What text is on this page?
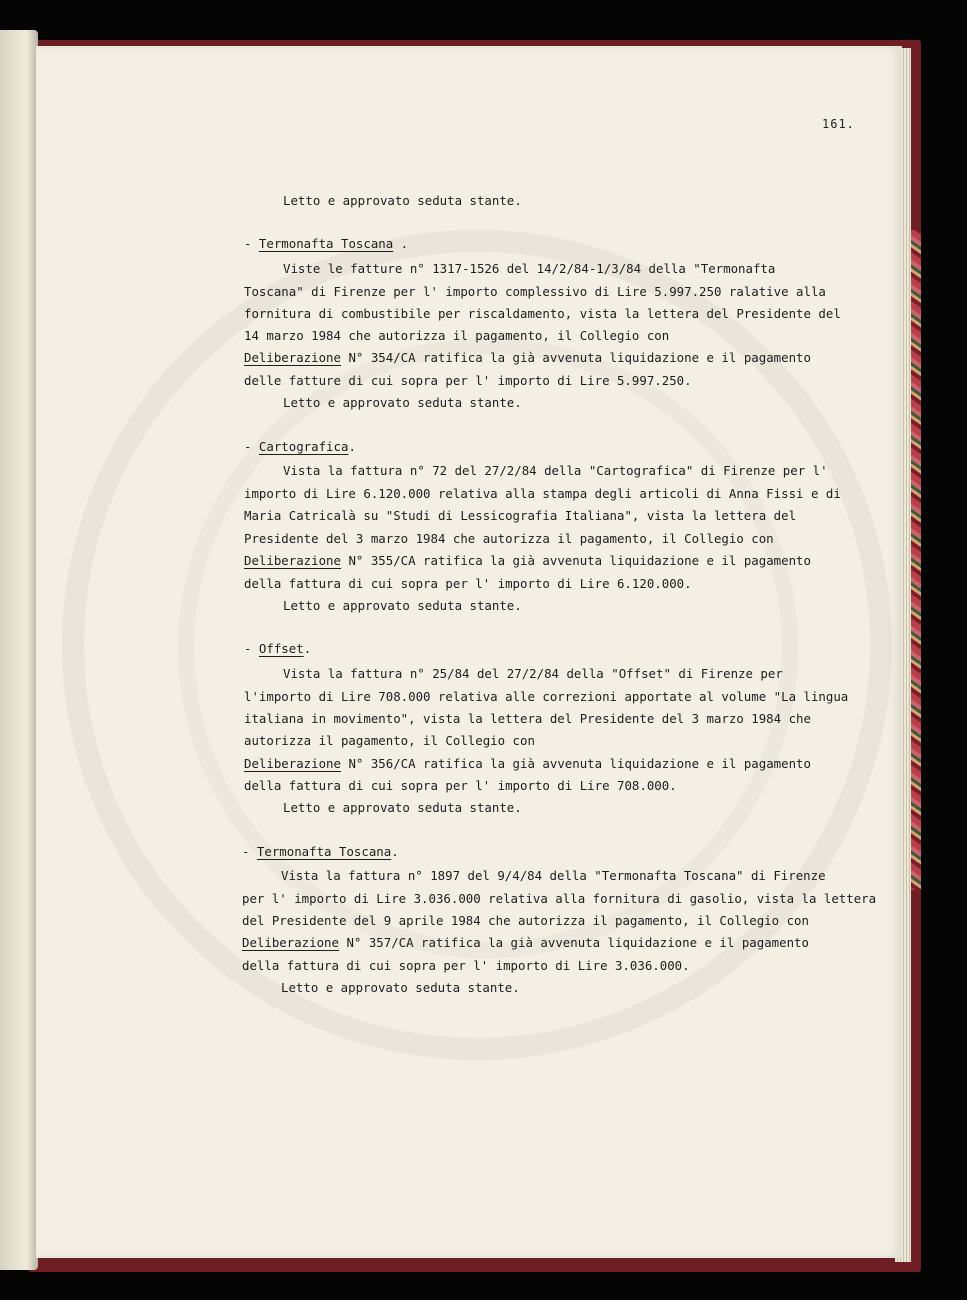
161.
Letto e approvato seduta stante.
- Termonafta Toscana .
Viste le fatture n° 1317-1526 del 14/2/84-1/3/84 della "Termonafta
Toscana" di Firenze per l' importo complessivo di Lire 5.997.250 ralative alla
fornitura di combustibile per riscaldamento, vista la lettera del Presidente del
14 marzo 1984 che autorizza il pagamento, il Collegio con
Deliberazione N° 354/CA ratifica la già avvenuta liquidazione e il pagamento
delle fatture di cui sopra per l' importo di Lire 5.997.250.
Letto e approvato seduta stante.
- Cartografica.
Vista la fattura n° 72 del 27/2/84 della "Cartografica" di Firenze per l'
importo di Lire 6.120.000 relativa alla stampa degli articoli di Anna Fissi e di
Maria Catricalà su "Studi di Lessicografia Italiana", vista la lettera del
Presidente del 3 marzo 1984 che autorizza il pagamento, il Collegio con
Deliberazione N° 355/CA ratifica la già avvenuta liquidazione e il pagamento
della fattura di cui sopra per l' importo di Lire 6.120.000.
Letto e approvato seduta stante.
- Offset.
Vista la fattura n° 25/84 del 27/2/84 della "Offset" di Firenze per
l'importo di Lire 708.000 relativa alle correzioni apportate al volume "La lingua
italiana in movimento", vista la lettera del Presidente del 3 marzo 1984 che
autorizza il pagamento, il Collegio con
Deliberazione N° 356/CA ratifica la già avvenuta liquidazione e il pagamento
della fattura di cui sopra per l' importo di Lire 708.000.
Letto e approvato seduta stante.
- Termonafta Toscana.
Vista la fattura n° 1897 del 9/4/84 della "Termonafta Toscana" di Firenze
per l' importo di Lire 3.036.000 relativa alla fornitura di gasolio, vista la lettera
del Presidente del 9 aprile 1984 che autorizza il pagamento, il Collegio con
Deliberazione N° 357/CA ratifica la già avvenuta liquidazione e il pagamento
della fattura di cui sopra per l' importo di Lire 3.036.000.
Letto e approvato seduta stante.
